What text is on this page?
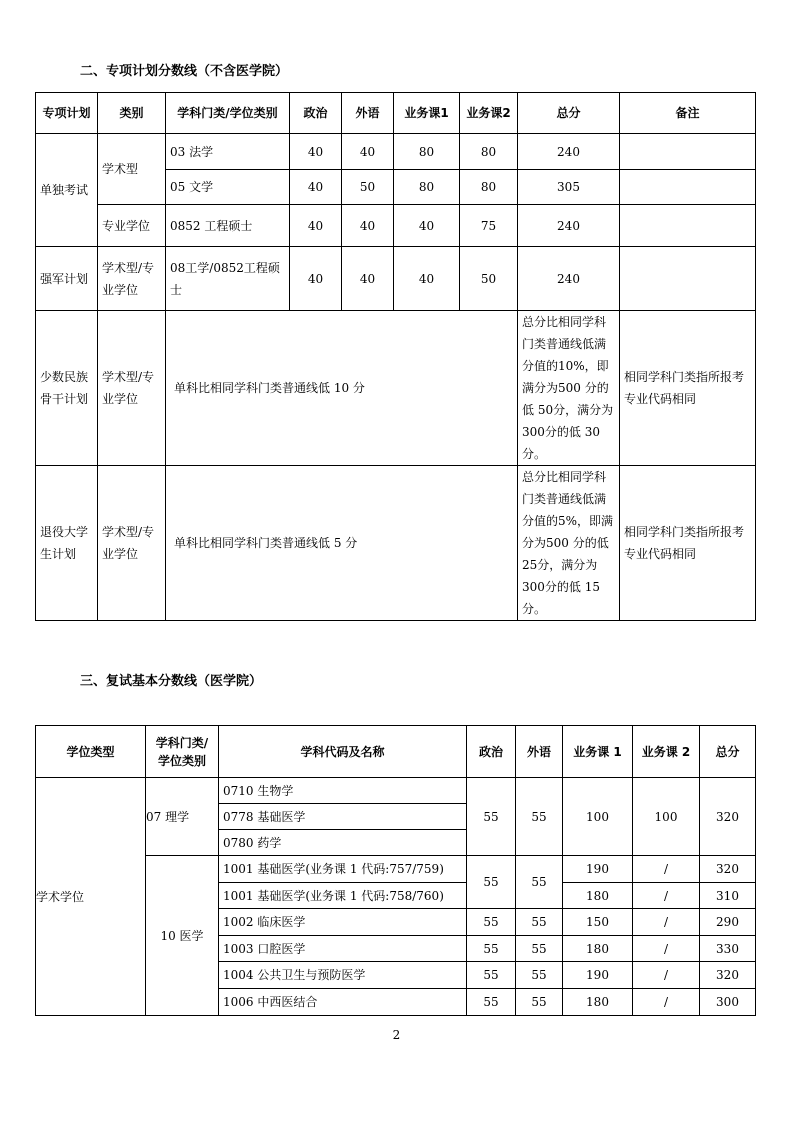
二、专项计划分数线（不含医学院）
专项计划	类别	学科门类/学位类别	政治	外语	业务课1	业务课2	总分	备注
单独考试	学术型	03 法学	40	40	80	80	240	
		05 文学	40	50	80	80	305	
	专业学位	0852 工程硕士	40	40	40	75	240	
强军计划	学术型/专业学位	08工学/0852工程硕士	40	40	40	50	240	
少数民族骨干计划	学术型/专业学位	单科比相同学科门类普通线低 10 分					总分比相同学科门类普通线低满分值的10%，即满分为500 分的低 50分，满分为 300分的低 30 分。	相同学科门类指所报考专业代码相同
退役大学生计划	学术型/专业学位	单科比相同学科门类普通线低 5 分					总分比相同学科门类普通线低满分值的5%，即满分为500 分的低 25分，满分为 300分的低 15 分。	相同学科门类指所报考专业代码相同
三、复试基本分数线（医学院）
学位类型	学科门类/学位类别	学科代码及名称	政治	外语	业务课 1	业务课 2	总分
学术学位	07 理学	0710 生物学	55	55	100	100	320
		0778 基础医学					
		0780 药学					
	10 医学	1001 基础医学(业务课 1 代码:757/759)	55	55	190	/	320
		1001 基础医学(业务课 1 代码:758/760)			180	/	310
		1002 临床医学	55	55	150	/	290
		1003 口腔医学	55	55	180	/	330
		1004 公共卫生与预防医学	55	55	190	/	320
		1006 中西医结合	55	55	180	/	300
2
